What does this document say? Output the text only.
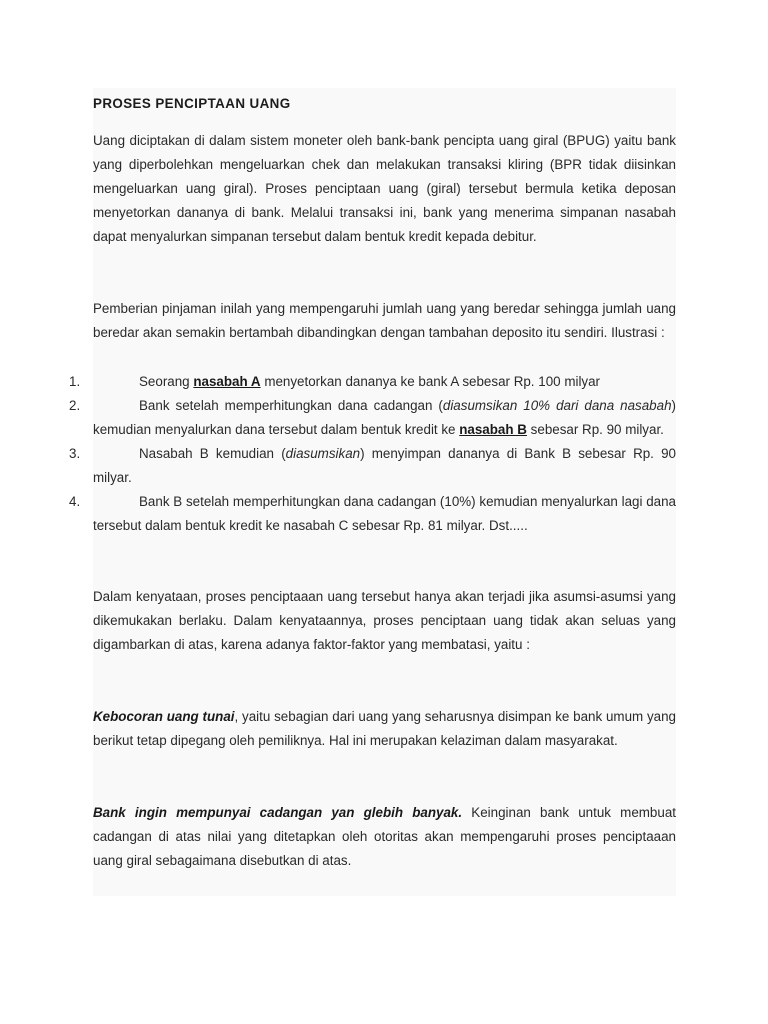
PROSES PENCIPTAAN UANG

Uang diciptakan di dalam sistem moneter oleh bank-bank pencipta uang giral (BPUG) yaitu bank yang diperbolehkan mengeluarkan chek dan melakukan transaksi kliring (BPR tidak diisinkan mengeluarkan uang giral). Proses penciptaan uang (giral) tersebut bermula ketika deposan menyetorkan dananya di bank. Melalui transaksi ini, bank yang menerima simpanan nasabah dapat menyalurkan simpanan tersebut dalam bentuk kredit kepada debitur.

Pemberian pinjaman inilah yang mempengaruhi jumlah uang yang beredar sehingga jumlah uang beredar akan semakin bertambah dibandingkan dengan tambahan deposito itu sendiri. Ilustrasi :

1.	Seorang nasabah A menyetorkan dananya ke bank A sebesar Rp. 100 milyar
2.	Bank setelah memperhitungkan dana cadangan (diasumsikan 10% dari dana nasabah) kemudian menyalurkan dana tersebut dalam bentuk kredit ke nasabah B sebesar Rp. 90 milyar.
3.	Nasabah B kemudian (diasumsikan) menyimpan dananya di Bank B sebesar Rp. 90 milyar.
4.	Bank B setelah memperhitungkan dana cadangan (10%) kemudian menyalurkan lagi dana tersebut dalam bentuk kredit ke nasabah C sebesar Rp. 81 milyar. Dst.....

Dalam kenyataan, proses penciptaaan uang tersebut hanya akan terjadi jika asumsi-asumsi yang dikemukakan berlaku. Dalam kenyataannya, proses penciptaan uang tidak akan seluas yang digambarkan di atas, karena adanya faktor-faktor yang membatasi, yaitu :

Kebocoran uang tunai, yaitu sebagian dari uang yang seharusnya disimpan ke bank umum yang berikut tetap dipegang oleh pemiliknya. Hal ini merupakan kelaziman dalam masyarakat.

Bank ingin mempunyai cadangan yan glebih banyak. Keinginan bank untuk membuat cadangan di atas nilai yang ditetapkan oleh otoritas akan mempengaruhi proses penciptaaan uang giral sebagaimana disebutkan di atas.
